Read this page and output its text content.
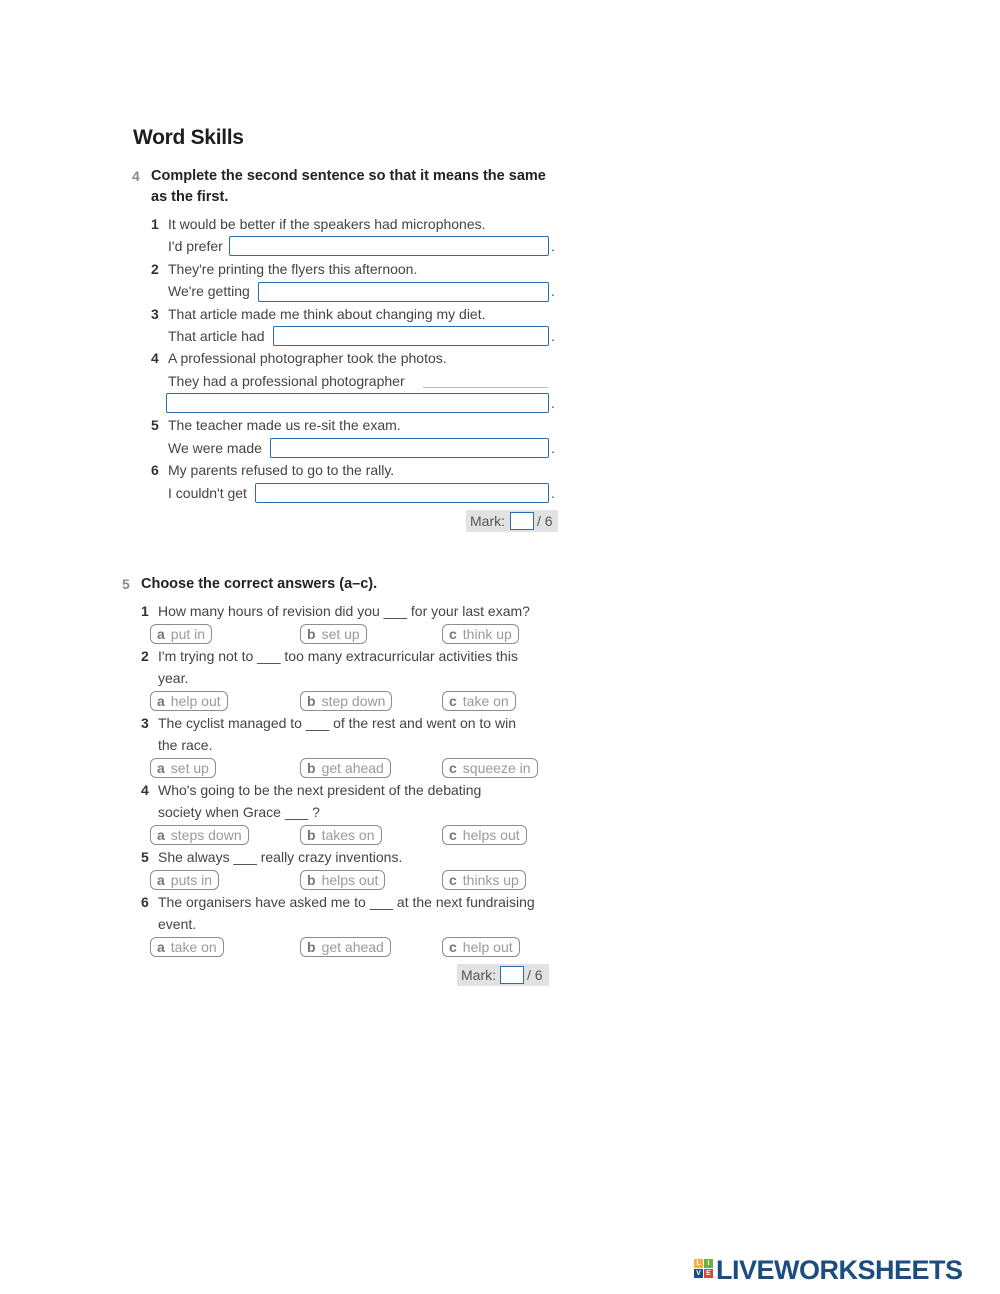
Word Skills
4 Complete the second sentence so that it means the same
as the first.
1 It would be better if the speakers had microphones.
I'd prefer	.
2 They're printing the flyers this afternoon.
We're getting	.
3 That article made me think about changing my diet.
That article had	.
4 A professional photographer took the photos.
They had a professional photographer
.
5 The teacher made us re-sit the exam.
We were made	.
6 My parents refused to go to the rally.
I couldn't get	.
Mark: / 6
5 Choose the correct answers (a–c).
1 How many hours of revision did you ___ for your last exam?
a put in	b set up	c think up
2 I'm trying not to ___ too many extracurricular activities this
year.
a help out	b step down	c take on
3 The cyclist managed to ___ of the rest and went on to win
the race.
a set up	b get ahead	c squeeze in
4 Who's going to be the next president of the debating
society when Grace ___ ?
a steps down	b takes on	c helps out
5 She always ___ really crazy inventions.
a puts in	b helps out	c thinks up
6 The organisers have asked me to ___ at the next fundraising
event.
a take on	b get ahead	c help out
Mark: / 6
L I
V E LIVEWORKSHEETS
